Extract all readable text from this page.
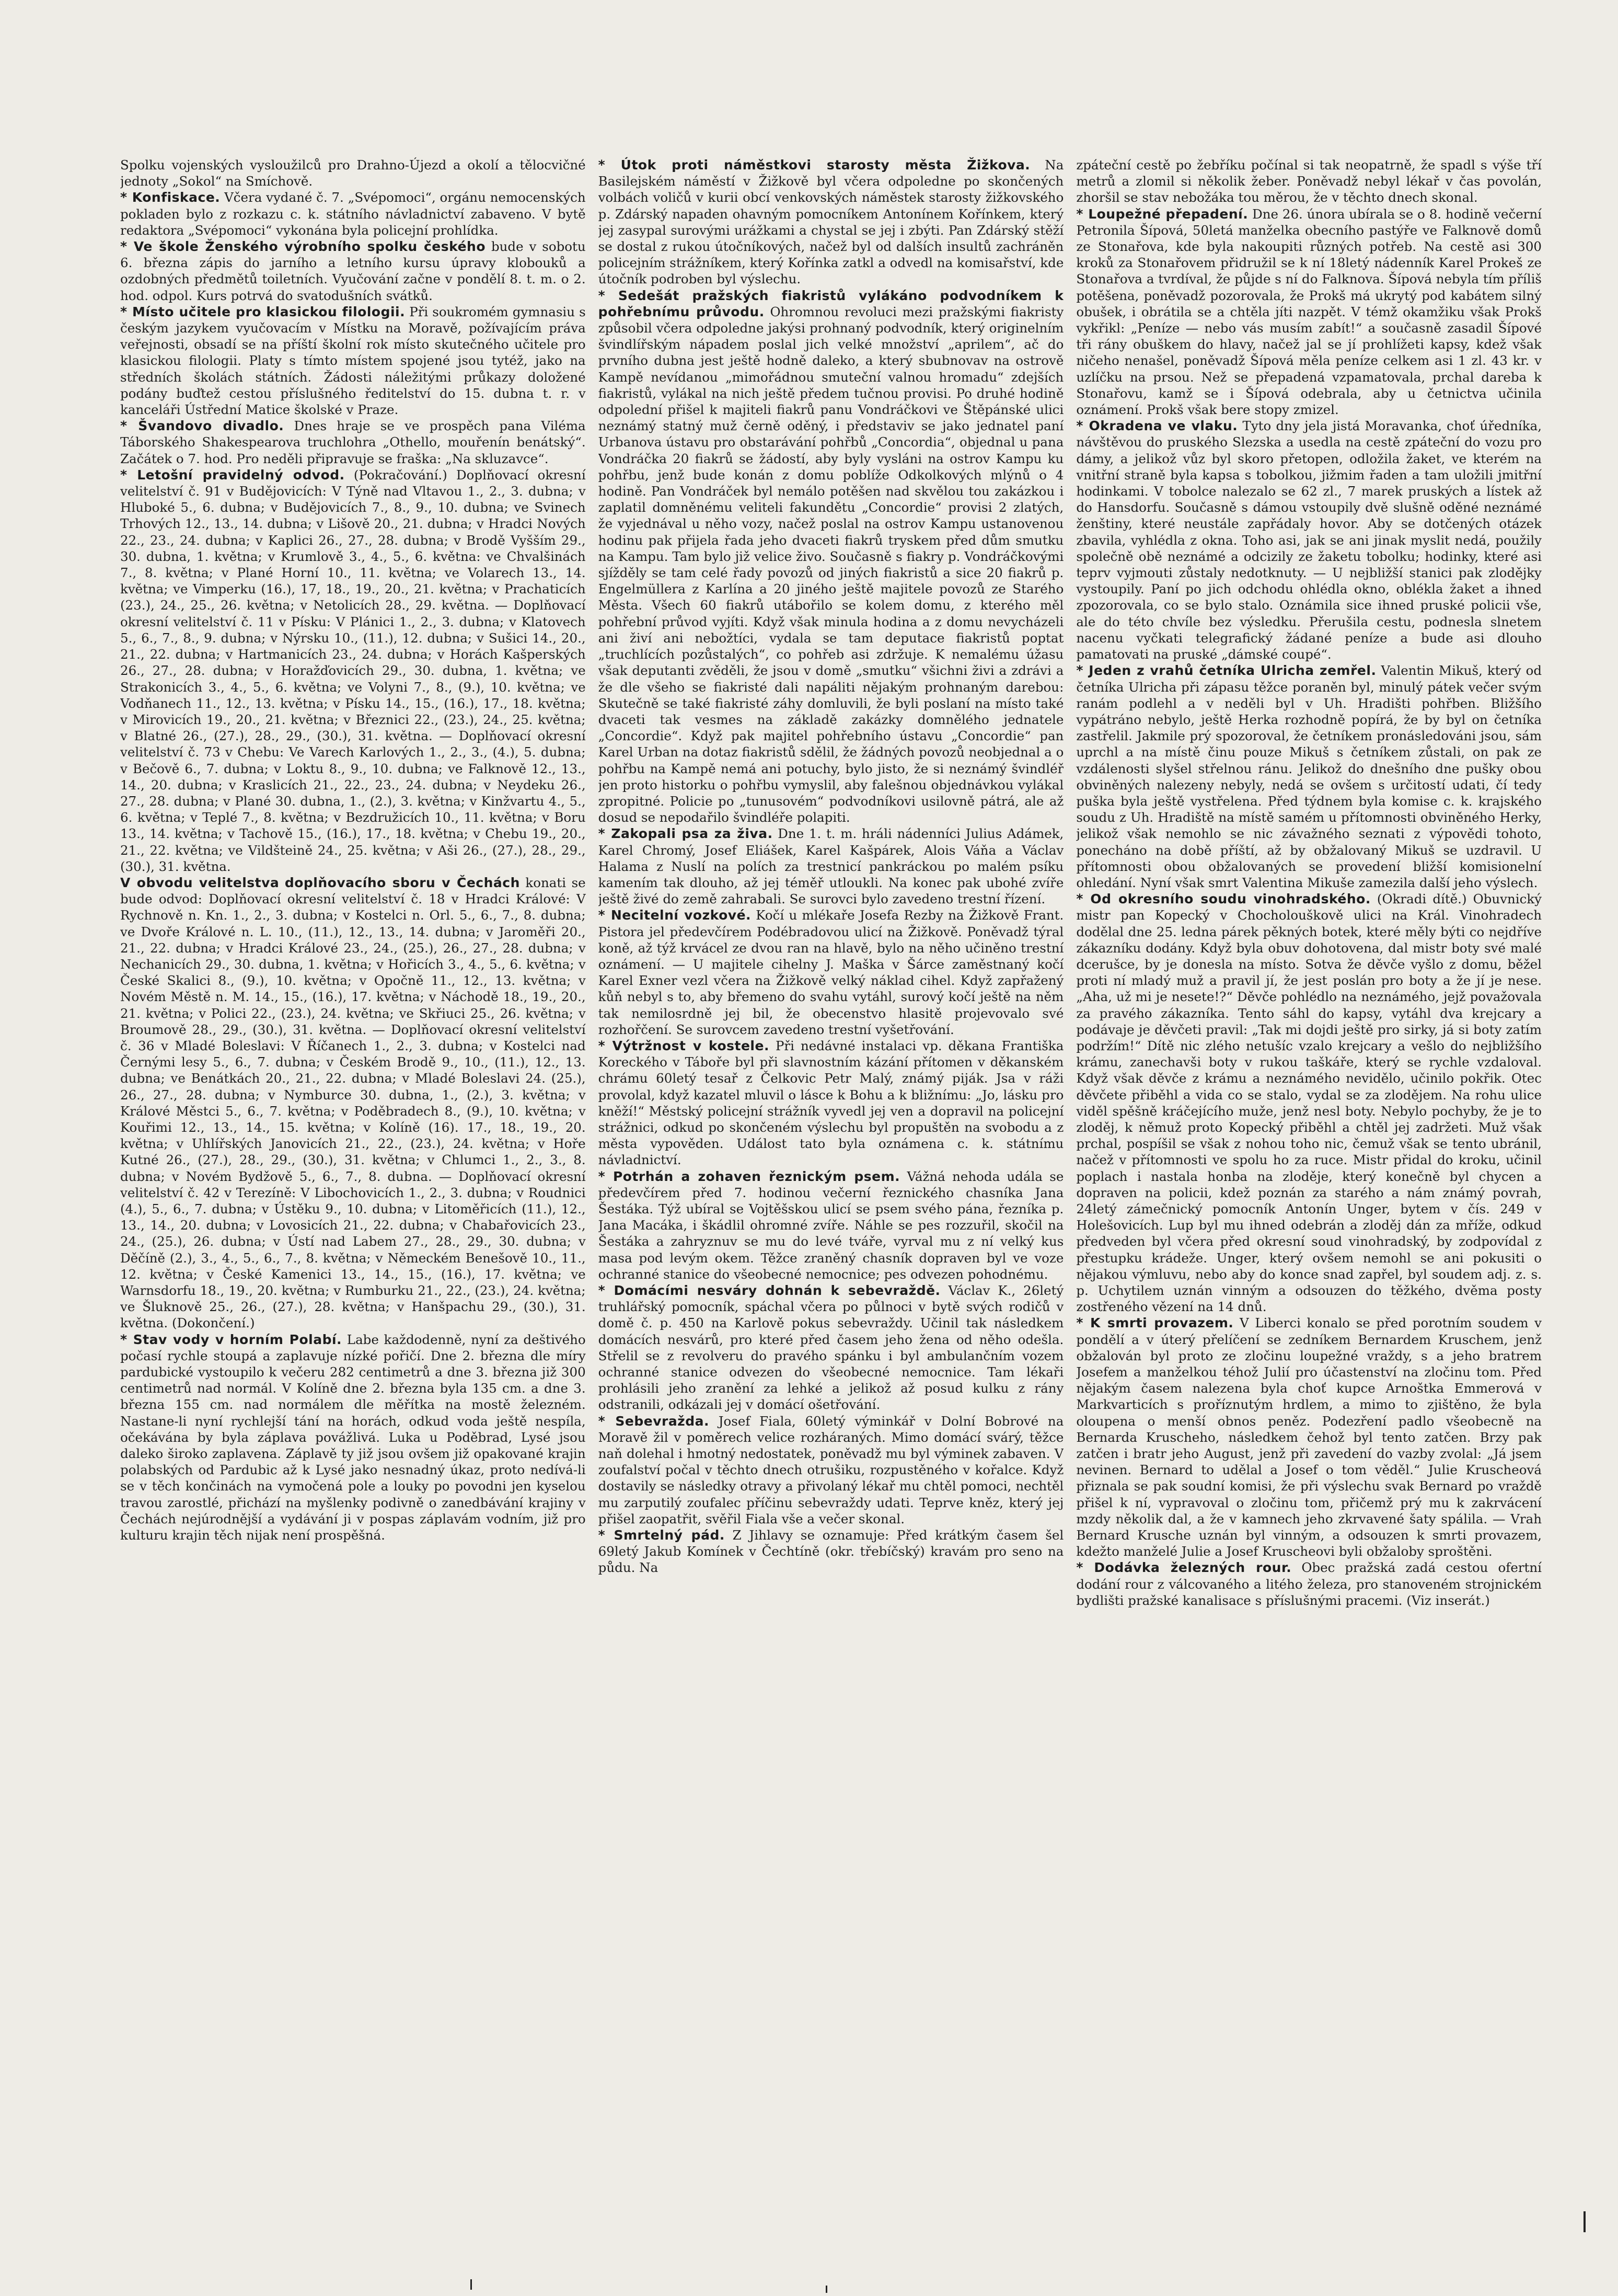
Spolku vojenských vysloužilců pro Drahno-Újezd a okolí a tělocvičné jednoty „Sokol“ na Smíchově.

* Konfiskace. Včera vydané č. 7. „Svépomoci“, orgánu nemocenských pokladen bylo z rozkazu c. k. státního návladnictví zabaveno. V bytě redaktora „Svépomoci“ vykonána byla policejní prohlídka.

* Ve škole Ženského výrobního spolku českého bude v sobotu 6. března zápis do jarního a letního kursu úpravy klobouků a ozdobných předmětů toiletních. Vyučování začne v pondělí 8. t. m. o 2. hod. odpol. Kurs potrvá do svatodušních svátků.

* Místo učitele pro klasickou filologii. Při soukromém gymnasiu s českým jazykem vyučovacím v Místku na Moravě, požívajícím práva veřejnosti, obsadí se na příští školní rok místo skutečného učitele pro klasickou filologii. Platy s tímto místem spojené jsou tytéž, jako na středních školách státních. Žádosti náležitými průkazy doložené podány buďtež cestou příslušného ředitelství do 15. dubna t. r. v kanceláři Ústřední Matice školské v Praze.

* Švandovo divadlo. Dnes hraje se ve prospěch pana Viléma Táborského Shakespearova truchlohra „Othello, mouřenín benátský“. Začátek o 7. hod. Pro neděli připravuje se fraška: „Na skluzavce“.

* Letošní pravidelný odvod. (Pokračování.) Doplňovací okresní velitelství č. 91 v Budějovicích: V Týně nad Vltavou 1., 2., 3. dubna; v Hluboké 5., 6. dubna; v Budějovicích 7., 8., 9., 10. dubna; ve Svinech Trhových 12., 13., 14. dubna; v Lišově 20., 21. dubna; v Hradci Nových 22., 23., 24. dubna; v Kaplici 26., 27., 28. dubna; v Brodě Vyšším 29., 30. dubna, 1. května; v Krumlově 3., 4., 5., 6. května: ve Chvalšinách 7., 8. května; v Plané Horní 10., 11. května; ve Volarech 13., 14. května; ve Vimperku (16.), 17, 18., 19., 20., 21. května; v Prachaticích (23.), 24., 25., 26. května; v Netolicích 28., 29. května. — Doplňovací okresní velitelství č. 11 v Písku: V Plánici 1., 2., 3. dubna; v Klatovech 5., 6., 7., 8., 9. dubna; v Nýrsku 10., (11.), 12. dubna; v Sušici 14., 20., 21., 22. dubna; v Hartmanicích 23., 24. dubna; v Horách Kašperských 26., 27., 28. dubna; v Horažďovicích 29., 30. dubna, 1. května; ve Strakonicích 3., 4., 5., 6. května; ve Volyni 7., 8., (9.), 10. května; ve Vodňanech 11., 12., 13. května; v Písku 14., 15., (16.), 17., 18. května; v Mirovicích 19., 20., 21. května; v Březnici 22., (23.), 24., 25. května; v Blatné 26., (27.), 28., 29., (30.), 31. května. — Doplňovací okresní velitelství č. 73 v Chebu: Ve Varech Karlových 1., 2., 3., (4.), 5. dubna; v Bečově 6., 7. dubna; v Loktu 8., 9., 10. dubna; ve Falknově 12., 13., 14., 20. dubna; v Kraslicích 21., 22., 23., 24. dubna; v Neydeku 26., 27., 28. dubna; v Plané 30. dubna, 1., (2.), 3. května; v Kinžvartu 4., 5., 6. května; v Teplé 7., 8. května; v Bezdružicích 10., 11. května; v Boru 13., 14. května; v Tachově 15., (16.), 17., 18. května; v Chebu 19., 20., 21., 22. května; ve Vildšteině 24., 25. května; v Aši 26., (27.), 28., 29., (30.), 31. května.

V obvodu velitelstva doplňovacího sboru v Čechách konati se bude odvod: Doplňovací okresní velitelství č. 18 v Hradci Králové: V Rychnově n. Kn. 1., 2., 3. dubna; v Kostelci n. Orl. 5., 6., 7., 8. dubna; ve Dvoře Králové n. L. 10., (11.), 12., 13., 14. dubna; v Jaroměři 20., 21., 22. dubna; v Hradci Králové 23., 24., (25.), 26., 27., 28. dubna; v Nechanicích 29., 30. dubna, 1. května; v Hořicích 3., 4., 5., 6. května; v České Skalici 8., (9.), 10. května; v Opočně 11., 12., 13. května; v Novém Městě n. M. 14., 15., (16.), 17. května; v Náchodě 18., 19., 20., 21. května; v Polici 22., (23.), 24. května; ve Skřiuci 25., 26. května; v Broumově 28., 29., (30.), 31. května. — Doplňovací okresní velitelství č. 36 v Mladé Boleslavi: V Říčanech 1., 2., 3. dubna; v Kostelci nad Černými lesy 5., 6., 7. dubna; v Českém Brodě 9., 10., (11.), 12., 13. dubna; ve Benátkách 20., 21., 22. dubna; v Mladé Boleslavi 24. (25.), 26., 27., 28. dubna; v Nymburce 30. dubna, 1., (2.), 3. května; v Králové Městci 5., 6., 7. května; v Poděbradech 8., (9.), 10. května; v Kouřimi 12., 13., 14., 15. května; v Kolíně (16). 17., 18., 19., 20. května; v Uhlířských Janovicích 21., 22., (23.), 24. května; v Hoře Kutné 26., (27.), 28., 29., (30.), 31. května; v Chlumci 1., 2., 3., 8. dubna; v Novém Bydžově 5., 6., 7., 8. dubna. — Doplňovací okresní velitelství č. 42 v Terezíně: V Libochovicích 1., 2., 3. dubna; v Roudnici (4.), 5., 6., 7. dubna; v Ústěku 9., 10. dubna; v Litoměřicích (11.), 12., 13., 14., 20. dubna; v Lovosicích 21., 22. dubna; v Chabařovicích 23., 24., (25.), 26. dubna; v Ústí nad Labem 27., 28., 29., 30. dubna; v Děčíně (2.), 3., 4., 5., 6., 7., 8. května; v Německém Benešově 10., 11., 12. května; v České Kamenici 13., 14., 15., (16.), 17. května; ve Warnsdorfu 18., 19., 20. května; v Rumburku 21., 22., (23.), 24. května; ve Šluknově 25., 26., (27.), 28. května; v Hanšpachu 29., (30.), 31. května. (Dokončení.)

* Stav vody v horním Polabí. Labe každodenně, nyní za deštivého počasí rychle stoupá a zaplavuje nízké pořičí. Dne 2. března dle míry pardubické vystoupilo k večeru 282 centimetrů a dne 3. března již 300 centimetrů nad normál. V Kolíně dne 2. března byla 135 cm. a dne 3. března 155 cm. nad normálem dle měřítka na mostě železném. Nastane-li nyní rychlejší tání na horách, odkud voda ještě nespíla, očekávána by byla záplava povážlivá. Luka u Poděbrad, Lysé jsou daleko široko zaplavena. Záplavě ty již jsou ovšem již opakované krajin polabských od Pardubic až k Lysé jako nesnadný úkaz, proto nedívá-li se v těch končinách na vymočená pole a louky po povodni jen kyselou travou zarostlé, přichází na myšlenky podivně o zanedbávání krajiny v Čechách nejúrodnější a vydávání ji v pospas záplavám vodním, již pro kulturu krajin těch nijak není prospěšná.

* Útok proti náměstkovi starosty města Žižkova. Na Basilejském náměstí v Žižkově byl včera odpoledne po skončených volbách voličů v kurii obcí venkovských náměstek starosty žižkovského p. Zdárský napaden ohavným pomocníkem Antonínem Kořínkem, který jej zasypal surovými urážkami a chystal se jej i zbýti. Pan Zdárský stěží se dostal z rukou útočníkových, načež byl od dalších insultů zachráněn policejním strážníkem, který Kořínka zatkl a odvedl na komisařství, kde útočník podroben byl výslechu.

* Sedešát pražských fiakristů vylákáno podvodníkem k pohřebnímu průvodu. Ohromnou revoluci mezi pražskými fiakristy způsobil včera odpoledne jakýsi prohnaný podvodník, který originelním švindlířským nápadem poslal jich velké množství „aprilem“, ač do prvního dubna jest ještě hodně daleko, a který sbubnovav na ostrově Kampě nevídanou „mimořádnou smuteční valnou hromadu“ zdejších fiakristů, vylákal na nich ještě předem tučnou provisi. Po druhé hodině odpolední přišel k majiteli fiakrů panu Vondráčkovi ve Štěpánské ulici neznámý statný muž černě oděný, i představiv se jako jednatel paní Urbanova ústavu pro obstarávání pohřbů „Concordia“, objednal u pana Vondráčka 20 fiakrů se žádostí, aby byly vysláni na ostrov Kampu ku pohřbu, jenž bude konán z domu poblíže Odkolkových mlýnů o 4 hodině. Pan Vondráček byl nemálo potěšen nad skvělou tou zakázkou i zaplatil domněnému veliteli fakundětu „Concordie“ provisi 2 zlatých, že vyjednával u něho vozy, načež poslal na ostrov Kampu ustanovenou hodinu pak přijela řada jeho dvaceti fiakrů tryskem před dům smutku na Kampu. Tam bylo již velice živo. Současně s fiakry p. Vondráčkovými sjížděly se tam celé řady povozů od jiných fiakristů a sice 20 fiakrů p. Engelmüllera z Karlína a 20 jiného ještě majitele povozů ze Starého Města. Všech 60 fiakrů utábořilo se kolem domu, z kterého měl pohřební průvod vyjíti. Když však minula hodina a z domu nevycházeli ani živí ani nebožtíci, vydala se tam deputace fiakristů poptat „truchlících pozůstalých“, co pohřeb asi zdržuje. K nemalému úžasu však deputanti zvěděli, že jsou v domě „smutku“ všichni živi a zdrávi a že dle všeho se fiakristé dali napáliti nějakým prohnaným darebou: Skutečně se také fiakristé záhy domluvili, že byli poslaní na místo také dvaceti tak vesmes na základě zakázky domnělého jednatele „Concordie“. Když pak majitel pohřebního ústavu „Concordie“ pan Karel Urban na dotaz fiakristů sdělil, že žádných povozů neobjednal a o pohřbu na Kampě nemá ani potuchy, bylo jisto, že si neznámý švindléř jen proto historku o pohřbu vymyslil, aby falešnou objednávkou vylákal zpropitné. Policie po „tunusovém“ podvodníkovi usilovně pátrá, ale až dosud se nepodařilo švindléře polapiti.

* Zakopali psa za živa. Dne 1. t. m. hráli nádenníci Julius Adámek, Karel Chromý, Josef Eliášek, Karel Kašpárek, Alois Váňa a Václav Halama z Nuslí na polích za trestnicí pankráckou po malém psíku kamením tak dlouho, až jej téměř utloukli. Na konec pak ubohé zvíře ještě živé do země zahrabali. Se surovci bylo zavedeno trestní řízení.

* Necitelní vozkové. Kočí u mlékaře Josefa Rezby na Žižkově Frant. Pistora jel předevčírem Podébradovou ulicí na Žižkově. Poněvadž týral koně, až týž krvácel ze dvou ran na hlavě, bylo na něho učiněno trestní oznámení. — U majitele cihelny J. Maška v Šárce zaměstnaný kočí Karel Exner vezl včera na Žižkově velký náklad cihel. Když zapřažený kůň nebyl s to, aby břemeno do svahu vytáhl, surový kočí ještě na něm tak nemilosrdně jej bil, že obecenstvo hlasitě projevovalo své rozhořčení. Se surovcem zavedeno trestní vyšetřování.

* Výtržnost v kostele. Při nedávné instalaci vp. děkana Františka Koreckého v Táboře byl při slavnostním kázání přítomen v děkanském chrámu 60letý tesař z Čelkovic Petr Malý, známý piják. Jsa v ráži provolal, když kazatel mluvil o lásce k Bohu a k bližnímu: „Jo, lásku pro kněží!“ Městský policejní strážník vyvedl jej ven a dopravil na policejní strážnici, odkud po skončeném výslechu byl propuštěn na svobodu a z města vypověden. Událost tato byla oznámena c. k. státnímu návladnictví.

* Potrhán a zohaven řeznickým psem. Vážná nehoda udála se předevčírem před 7. hodinou večerní řeznického chasníka Jana Šestáka. Týž ubíral se Vojtěšskou ulicí se psem svého pána, řezníka p. Jana Macáka, i škádlil ohromné zvíře. Náhle se pes rozzuřil, skočil na Šestáka a zahryznuv se mu do levé tváře, vyrval mu z ní velký kus masa pod levým okem. Těžce zraněný chasník dopraven byl ve voze ochranné stanice do všeobecné nemocnice; pes odvezen pohodnému.

* Domácími nesváry dohnán k sebevraždě. Václav K., 26letý truhlářský pomocník, spáchal včera po půlnoci v bytě svých rodičů v domě č. p. 450 na Karlově pokus sebevraždy. Učinil tak následkem domácích nesvárů, pro které před časem jeho žena od něho odešla. Střelil se z revolveru do pravého spánku i byl ambulančním vozem ochranné stanice odvezen do všeobecné nemocnice. Tam lékaři prohlásili jeho zranění za lehké a jelikož až posud kulku z rány odstranili, odkázali jej v domácí ošetřování.

* Sebevražda. Josef Fiala, 60letý výminkář v Dolní Bobrové na Moravě žil v poměrech velice rozháraných. Mimo domácí svárý, těžce naň dolehal i hmotný nedostatek, poněvadž mu byl výminek zabaven. V zoufalství počal v těchto dnech otrušiku, rozpustěného v kořalce. Když dostavily se následky otravy a přivolaný lékař mu chtěl pomoci, nechtěl mu zarputilý zoufalec příčinu sebevraždy udati. Teprve kněz, který jej přišel zaopatřit, svěřil Fiala vše a večer skonal.

* Smrtelný pád. Z Jihlavy se oznamuje: Před krátkým časem šel 69letý Jakub Komínek v Čechtíně (okr. třebíčský) kravám pro seno na půdu. Na

zpáteční cestě po žebříku počínal si tak neopatrně, že spadl s výše tří metrů a zlomil si několik žeber. Poněvadž nebyl lékař v čas povolán, zhoršil se stav nebožáka tou měrou, že v těchto dnech skonal.

* Loupežné přepadení. Dne 26. února ubírala se o 8. hodině večerní Petronila Šípová, 50letá manželka obecního pastýře ve Falknově domů ze Stonařova, kde byla nakoupiti různých potřeb. Na cestě asi 300 kroků za Stonařovem přidružil se k ní 18letý nádenník Karel Prokeš ze Stonařova a tvrdíval, že půjde s ní do Falknova. Šípová nebyla tím příliš potěšena, poněvadž pozorovala, že Prokš má ukrytý pod kabátem silný obušek, i obrátila se a chtěla jíti nazpět. V témž okamžiku však Prokš vykřikl: „Peníze — nebo vás musím zabít!“ a současně zasadil Šípové tři rány obuškem do hlavy, načež jal se jí prohlížeti kapsy, kdež však ničeho nenašel, poněvadž Šípová měla peníze celkem asi 1 zl. 43 kr. v uzlíčku na prsou. Než se přepadená vzpamatovala, prchal dareba k Stonařovu, kamž se i Šípová odebrala, aby u četnictva učinila oznámení. Prokš však bere stopy zmizel.

* Okradena ve vlaku. Tyto dny jela jistá Moravanka, choť úředníka, návštěvou do pruského Slezska a usedla na cestě zpáteční do vozu pro dámy, a jelikož vůz byl skoro přetopen, odložila žaket, ve kterém na vnitřní straně byla kapsa s tobolkou, jižmim řaden a tam uložili jmitřní hodinkami. V tobolce nalezalo se 62 zl., 7 marek pruských a lístek až do Hansdorfu. Současně s dámou vstoupily dvě slušně oděné neznámé ženštiny, které neustále zapřádaly hovor. Aby se dotčených otázek zbavila, vyhlédla z okna. Toho asi, jak se ani jinak myslit nedá, použily společně obě neznámé a odcizily ze žaketu tobolku; hodinky, které asi teprv vyjmouti zůstaly nedotknuty. — U nejbližší stanici pak zlodějky vystoupily. Paní po jich odchodu ohlédla okno, oblékla žaket a ihned zpozorovala, co se bylo stalo. Oznámila sice ihned pruské policii vše, ale do této chvíle bez výsledku. Přerušila cestu, podnesla slnetem nacenu vyčkati telegrafický žádané peníze a bude asi dlouho pamatovati na pruské „dámské coupé“.

* Jeden z vrahů četníka Ulricha zemřel. Valentin Mikuš, který od četníka Ulricha při zápasu těžce poraněn byl, minulý pátek večer svým ranám podlehl a v neděli byl v Uh. Hradišti pohřben. Bližšího vypátráno nebylo, ještě Herka rozhodně popírá, že by byl on četníka zastřelil. Jakmile prý spozoroval, že četníkem pronásledováni jsou, sám uprchl a na místě činu pouze Mikuš s četníkem zůstali, on pak ze vzdálenosti slyšel střelnou ránu. Jelikož do dnešního dne pušky obou obviněných nalezeny nebyly, nedá se ovšem s určitostí udati, čí tedy puška byla ještě vystřelena. Před týdnem byla komise c. k. krajského soudu z Uh. Hradiště na místě samém u přítomnosti obviněného Herky, jelikož však nemohlo se nic závažného seznati z výpovědi tohoto, ponecháno na době příští, až by obžalovaný Mikuš se uzdravil. U přítomnosti obou obžalovaných se provedení bližší komisionelní ohledání. Nyní však smrt Valentina Mikuše zamezila další jeho výslech.

* Od okresního soudu vinohradského. (Okradi dítě.) Obuvnický mistr pan Kopecký v Chocholouškově ulici na Král. Vinohradech dodělal dne 25. ledna párek pěkných botek, které měly býti co nejdříve zákazníku dodány. Když byla obuv dohotovena, dal mistr boty své malé dcerušce, by je donesla na místo. Sotva že děvče vyšlo z domu, běžel proti ní mladý muž a pravil jí, že jest poslán pro boty a že jí je nese. „Aha, už mi je nesete!?“ Děvče pohlédlo na neznámého, jejž považovala za pravého zákazníka. Tento sáhl do kapsy, vytáhl dva krejcary a podávaje je děvčeti pravil: „Tak mi dojdi ještě pro sirky, já si boty zatím podržím!“ Dítě nic zlého netušíc vzalo krejcary a vešlo do nejbližšího krámu, zanechavši boty v rukou taškáře, který se rychle vzdaloval. Když však děvče z krámu a neznámého nevidělo, učinilo pokřik. Otec děvčete přiběhl a vida co se stalo, vydal se za zlodějem. Na rohu ulice viděl spěšně kráčejícího muže, jenž nesl boty. Nebylo pochyby, že je to zloděj, k němuž proto Kopecký přiběhl a chtěl jej zadržeti. Muž však prchal, pospíšil se však z nohou toho nic, čemuž však se tento ubránil, načež v přítomnosti ve spolu ho za ruce. Mistr přidal do kroku, učinil poplach i nastala honba na zloděje, který konečně byl chycen a dopraven na policii, kdež poznán za starého a nám známý povrah, 24letý zámečnický pomocník Antonín Unger, bytem v čís. 249 v Holešovicích. Lup byl mu ihned odebrán a zloděj dán za mříže, odkud předveden byl včera před okresní soud vinohradský, by zodpovídal z přestupku krádeže. Unger, který ovšem nemohl se ani pokusiti o nějakou výmluvu, nebo aby do konce snad zapřel, byl soudem adj. z. s. p. Uchytilem uznán vinným a odsouzen do těžkého, dvěma posty zostřeného vězení na 14 dnů.

* K smrti provazem. V Liberci konalo se před porotním soudem v pondělí a v úterý přelíčení se zedníkem Bernardem Kruschem, jenž obžalován byl proto ze zločinu loupežné vraždy, s a jeho bratrem Josefem a manželkou téhož Julií pro účastenství na zločinu tom. Před nějakým časem nalezena byla choť kupce Arnoštka Emmerová v Markvarticích s proříznutým hrdlem, a mimo to zjištěno, že byla oloupena o menší obnos peněz. Podezření padlo všeobecně na Bernarda Kruscheho, následkem čehož byl tento zatčen. Brzy pak zatčen i bratr jeho August, jenž při zavedení do vazby zvolal: „Já jsem nevinen. Bernard to udělal a Josef o tom věděl.“ Julie Kruscheová přiznala se pak soudní komisi, že při výslechu svak Bernard po vraždě přišel k ní, vypravoval o zločinu tom, přičemž prý mu k zakrvácení mzdy několik dal, a že v kamnech jeho zkrvavené šaty spálila. — Vrah Bernard Krusche uznán byl vinným, a odsouzen k smrti provazem, kdežto manželé Julie a Josef Kruscheovi byli obžaloby sproštěni.

* Dodávka železných rour. Obec pražská zadá cestou ofertní dodání rour z válcovaného a litého železa, pro stanoveném strojnickém bydlišti pražské kanalisace s příslušnými pracemi. (Viz inserát.)
